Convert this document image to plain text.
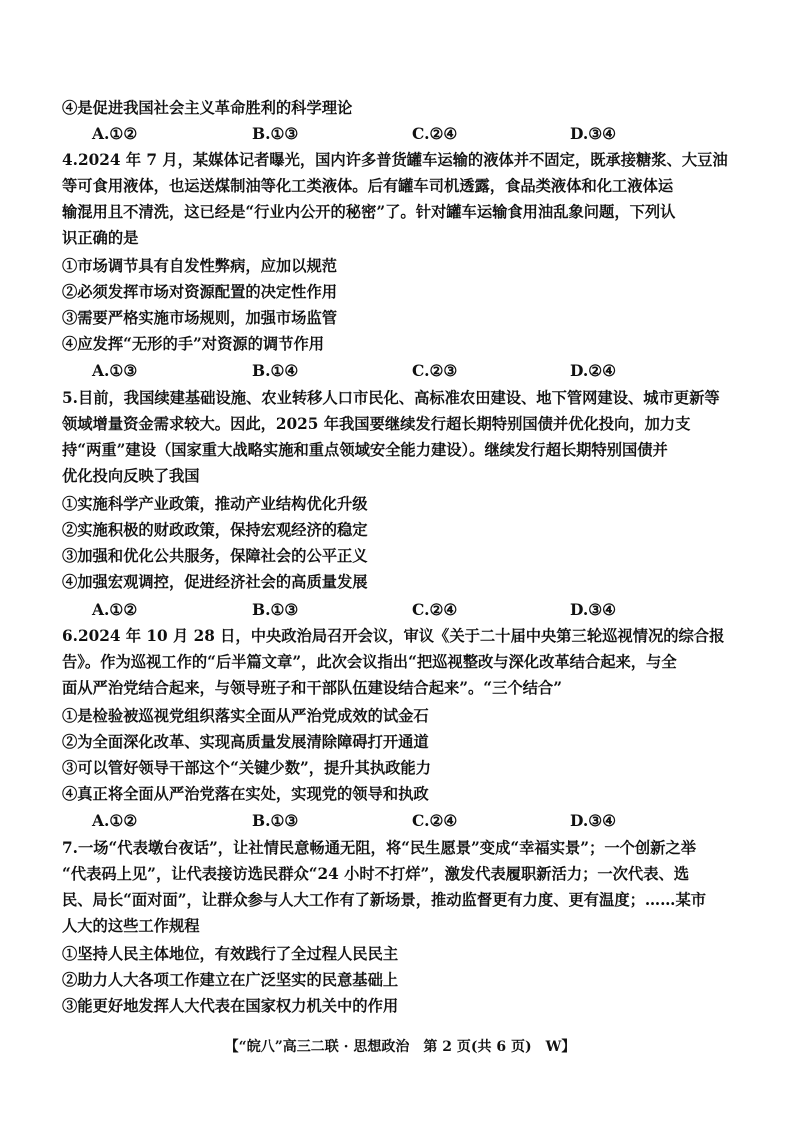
④是促进我国社会主义革命胜利的科学理论
A.①②	B.①③	C.②④	D.③④
4.2024 年 7 月，某媒体记者曝光，国内许多普货罐车运输的液体并不固定，既承接糖浆、大豆油
等可食用液体，也运送煤制油等化工类液体。后有罐车司机透露，食品类液体和化工液体运
输混用且不清洗，这已经是“行业内公开的秘密”了。针对罐车运输食用油乱象问题，下列认
识正确的是
①市场调节具有自发性弊病，应加以规范
②必须发挥市场对资源配置的决定性作用
③需要严格实施市场规则，加强市场监管
④应发挥“无形的手”对资源的调节作用
A.①③	B.①④	C.②③	D.②④
5.目前，我国续建基础设施、农业转移人口市民化、高标准农田建设、地下管网建设、城市更新等
领域增量资金需求较大。因此，2025 年我国要继续发行超长期特别国债并优化投向，加力支
持“两重”建设（国家重大战略实施和重点领域安全能力建设）。继续发行超长期特别国债并
优化投向反映了我国
①实施科学产业政策，推动产业结构优化升级
②实施积极的财政政策，保持宏观经济的稳定
③加强和优化公共服务，保障社会的公平正义
④加强宏观调控，促进经济社会的高质量发展
A.①②	B.①③	C.②④	D.③④
6.2024 年 10 月 28 日，中央政治局召开会议，审议《关于二十届中央第三轮巡视情况的综合报
告》。作为巡视工作的“后半篇文章”，此次会议指出“把巡视整改与深化改革结合起来，与全
面从严治党结合起来，与领导班子和干部队伍建设结合起来”。“三个结合”
①是检验被巡视党组织落实全面从严治党成效的试金石
②为全面深化改革、实现高质量发展清除障碍打开通道
③可以管好领导干部这个“关键少数”，提升其执政能力
④真正将全面从严治党落在实处，实现党的领导和执政
A.①②	B.①③	C.②④	D.③④
7.一场“代表墩台夜话”，让社情民意畅通无阻，将“民生愿景”变成“幸福实景”；一个创新之举
“代表码上见”，让代表接访选民群众“24 小时不打烊”，激发代表履职新活力；一次代表、选
民、局长“面对面”，让群众参与人大工作有了新场景，推动监督更有力度、更有温度；……某市
人大的这些工作规程
①坚持人民主体地位，有效践行了全过程人民民主
②助力人大各项工作建立在广泛坚实的民意基础上
③能更好地发挥人大代表在国家权力机关中的作用
【“皖八”高三二联 · 思想政治　第 2 页(共 6 页)　W】
